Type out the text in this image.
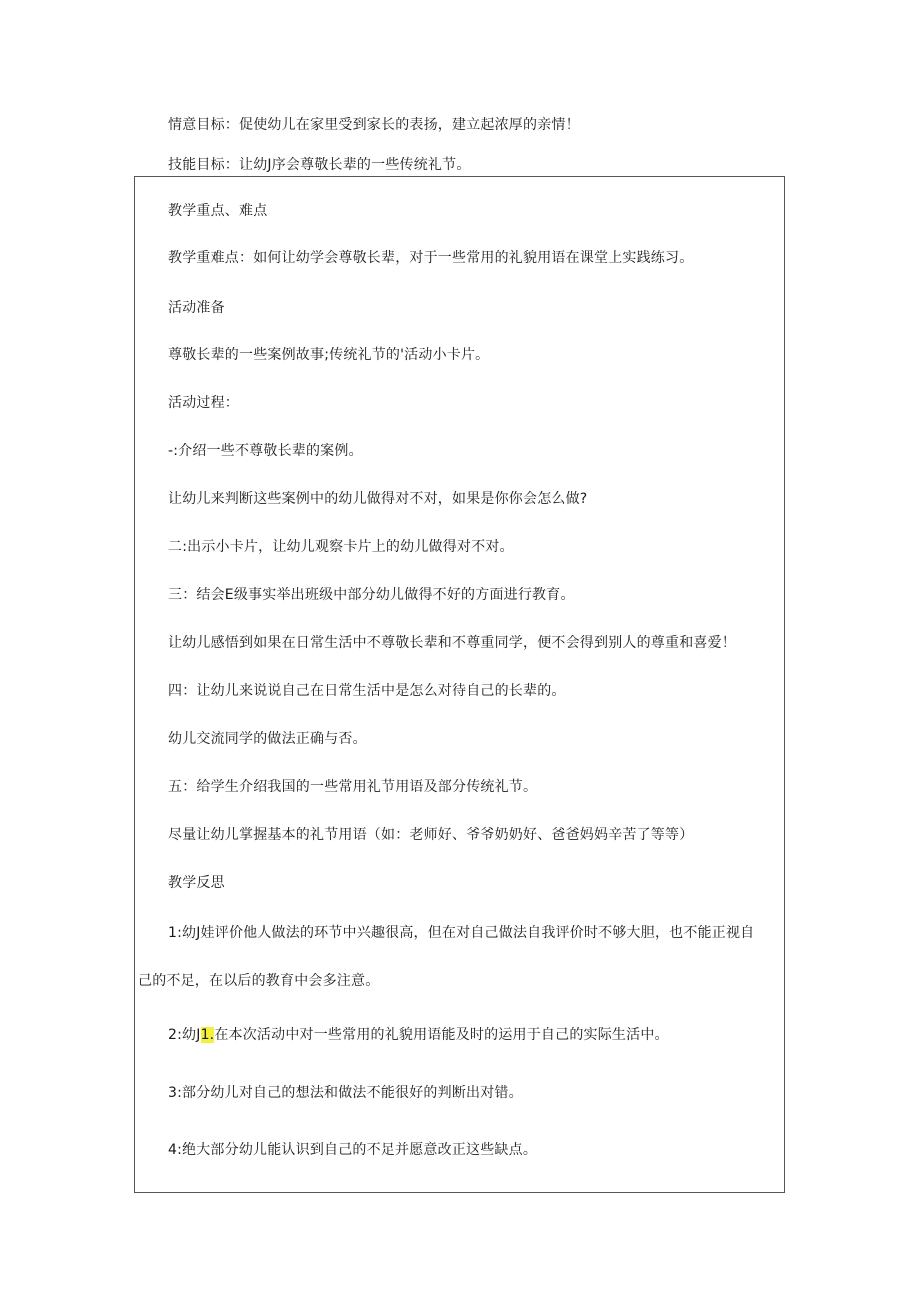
情意目标：促使幼儿在家里受到家长的表扬，建立起浓厚的亲情！
技能目标：让幼J序会尊敬长辈的一些传统礼节。
教学重点、难点
教学重难点：如何让幼学会尊敬长辈，对于一些常用的礼貌用语在课堂上实践练习。
活动准备
尊敬长辈的一些案例故事;传统礼节的'活动小卡片。
活动过程：
-:介绍一些不尊敬长辈的案例。
让幼儿来判断这些案例中的幼儿做得对不对，如果是你你会怎么做?
二:出示小卡片，让幼儿观察卡片上的幼儿做得对不对。
三：结会E级事实举出班级中部分幼儿做得不好的方面进行教育。
让幼儿感悟到如果在日常生活中不尊敬长辈和不尊重同学，便不会得到别人的尊重和喜爱！
四：让幼儿来说说自己在日常生活中是怎么对待自己的长辈的。
幼儿交流同学的做法正确与否。
五：给学生介绍我国的一些常用礼节用语及部分传统礼节。
尽量让幼儿掌握基本的礼节用语（如：老师好、爷爷奶奶好、爸爸妈妈辛苦了等等）
教学反思
1:幼J娃评价他人做法的环节中兴趣很高，但在对自己做法自我评价时不够大胆，也不能正视自
己的不足，在以后的教育中会多注意。
2:幼J1.在本次活动中对一些常用的礼貌用语能及时的运用于自己的实际生活中。
3:部分幼儿对自己的想法和做法不能很好的判断出对错。
4:绝大部分幼儿能认识到自己的不足并愿意改正这些缺点。
